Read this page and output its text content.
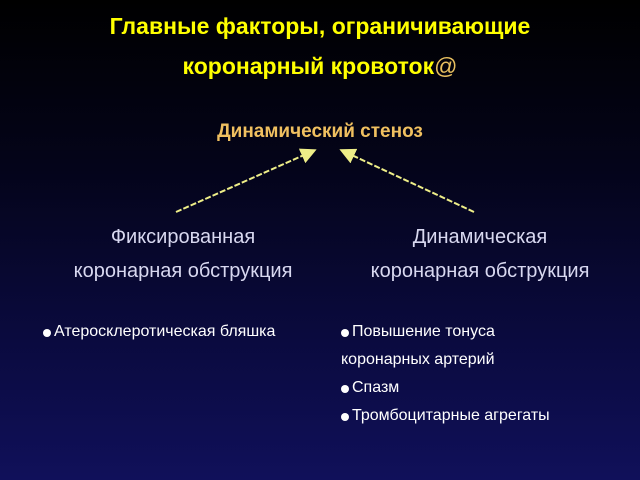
Главные факторы, ограничивающие
коронарный кровоток@
Динамический стеноз
Фиксированная
коронарная обструкция
Динамическая
коронарная обструкция
Атеросклеротическая бляшка	Повышение тонуса
коронарных артерий
Спазм
Тромбоцитарные агрегаты
